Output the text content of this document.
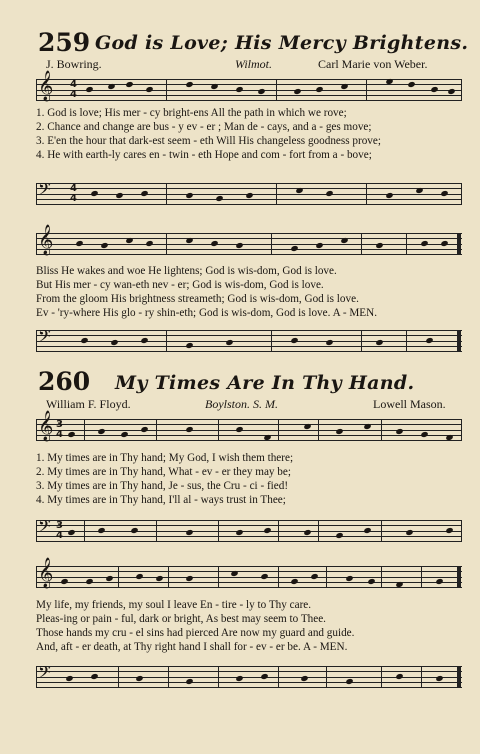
259 God is Love; His Mercy Brightens.
J. Bowring.	Wilmot.	Carl Marie von Weber.
𝄞 4
4
1. God is love; His mer - cy bright-ens All the path in which we rove;
2. Chance and change are bus - y ev - er ; Man de - cays, and a - ges move;
3. E'en the hour that dark-est seem - eth Will His changeless goodness prove;
4. He with earth-ly cares en - twin - eth Hope and com - fort from a - bove;
𝄢 4
4
𝄞
Bliss He wakes and woe He lightens; God is wis-dom, God is love.
But His mer - cy wan-eth nev - er; God is wis-dom, God is love.
From the gloom His brightness streameth; God is wis-dom, God is love.
Ev - 'ry-where His glo - ry shin-eth; God is wis-dom, God is love. A - MEN.
𝄢
260 My Times Are In Thy Hand.
William F. Floyd.	Boylston. S. M.	Lowell Mason.
𝄞 3
4
1. My times are in Thy hand; My God, I wish them there;
2. My times are in Thy hand, What - ev - er they may be;
3. My times are in Thy hand, Je - sus, the Cru - ci - fied!
4. My times are in Thy hand, I'll al - ways trust in Thee;
𝄢 3
4
𝄞
My life, my friends, my soul I leave En - tire - ly to Thy care.
Pleas-ing or pain - ful, dark or bright, As best may seem to Thee.
Those hands my cru - el sins had pierced Are now my guard and guide.
And, aft - er death, at Thy right hand I shall for - ev - er be. A - MEN.
𝄢
